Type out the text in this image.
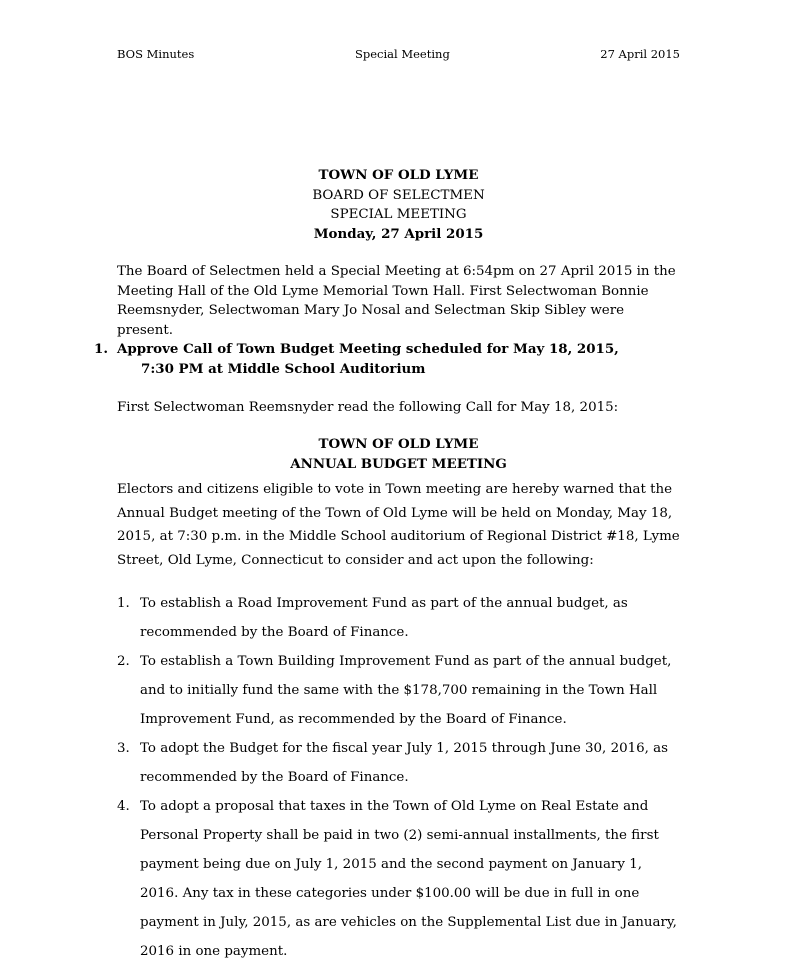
BOS Minutes	Special Meeting	27 April 2015
TOWN OF OLD LYME
BOARD OF SELECTMEN
SPECIAL MEETING
Monday, 27 April 2015
The Board of Selectmen held a Special Meeting at 6:54pm on 27 April 2015 in the Meeting Hall of the Old Lyme Memorial Town Hall. First Selectwoman Bonnie Reemsnyder, Selectwoman Mary Jo Nosal and Selectman Skip Sibley were present.
1. Approve Call of Town Budget Meeting scheduled for May 18, 2015,
7:30 PM at Middle School Auditorium
First Selectwoman Reemsnyder read the following Call for May 18, 2015:
TOWN OF OLD LYME
ANNUAL BUDGET MEETING
Electors and citizens eligible to vote in Town meeting are hereby warned that the Annual Budget meeting of the Town of Old Lyme will be held on Monday, May 18, 2015, at 7:30 p.m. in the Middle School auditorium of Regional District #18, Lyme Street, Old Lyme, Connecticut to consider and act upon the following:
1. To establish a Road Improvement Fund as part of the annual budget, as recommended by the Board of Finance.
2. To establish a Town Building Improvement Fund as part of the annual budget, and to initially fund the same with the $178,700 remaining in the Town Hall Improvement Fund, as recommended by the Board of Finance.
3. To adopt the Budget for the fiscal year July 1, 2015 through June 30, 2016, as recommended by the Board of Finance.
4. To adopt a proposal that taxes in the Town of Old Lyme on Real Estate and Personal Property shall be paid in two (2) semi-annual installments, the first payment being due on July 1, 2015 and the second payment on January 1, 2016. Any tax in these categories under $100.00 will be due in full in one payment in July, 2015, as are vehicles on the Supplemental List due in January, 2016 in one payment.
